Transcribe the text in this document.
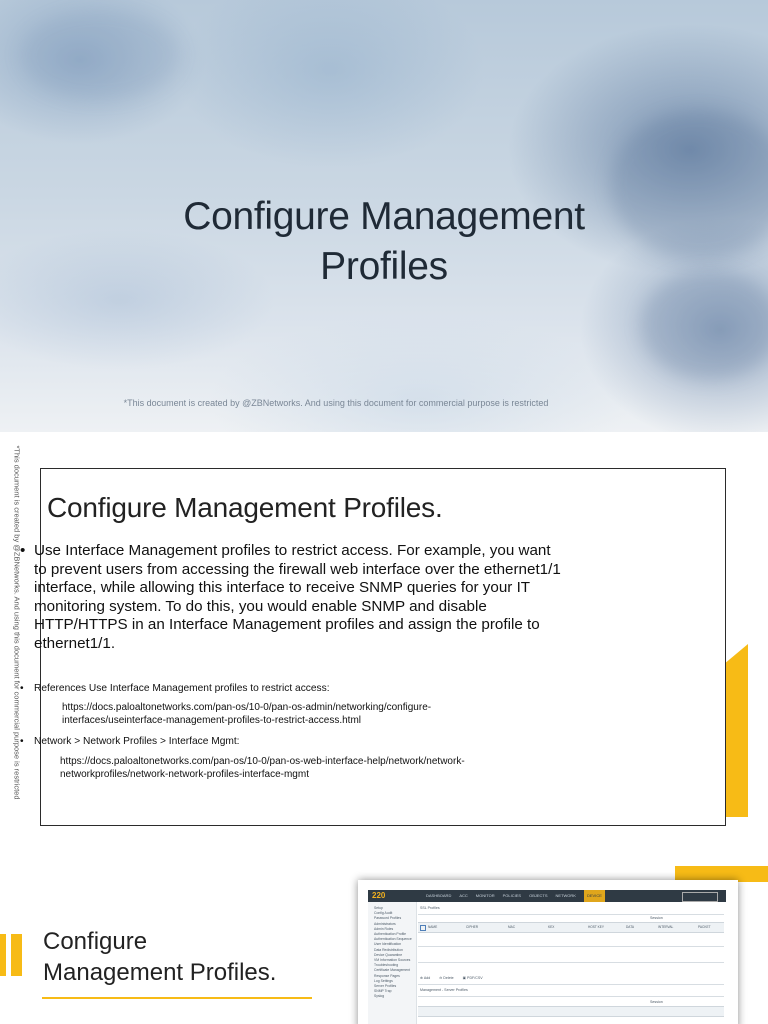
Configure Management
Profiles
*This document is created by @ZBNetworks. And using this document for commercial purpose is restricted
*This document is created by @ZBNetworks. And using this document for commercial purpose is restricted Configure Management Profiles.
• Use Interface Management profiles to restrict access. For example, you want to prevent users from accessing the firewall web interface over the ethernet1/1 interface, while allowing this interface to receive SNMP queries for your IT monitoring system. To do this, you would enable SNMP and disable HTTP/HTTPS in an Interface Management profiles and assign the profile to ethernet1/1.
• References Use Interface Management profiles to restrict access:
https://docs.paloaltonetworks.com/pan-os/10-0/pan-os-admin/networking/configure-
interfaces/useinterface-management-profiles-to-restrict-access.html
• Network > Network Profiles > Interface Mgmt:
https://docs.paloaltonetworks.com/pan-os/10-0/pan-os-web-interface-help/network/network-
networkprofiles/network-network-profiles-interface-mgmt
Configure
Management Profiles.
220	DASHBOARD ACC MONITOR POLICIES OBJECTS NETWORK	DEVICE
Setup
Config Audit
Password Profiles
Administrators
Admin Roles
Authentication Profile
Authentication Sequence
User Identification
Data Redistribution
Device Quarantine
VM Information Sources
Troubleshooting
Certificate Management
Response Pages
Log Settings
Server Profiles
SNMP Trap
Syslog
SSL Profiles
Session
NAME	CIPHER	MAC	KEX	HOST KEY	DATA	INTERVAL	PACKET
⊕ Add	⊖ Delete	▣ PDF/CSV
Management - Server Profiles
Session
